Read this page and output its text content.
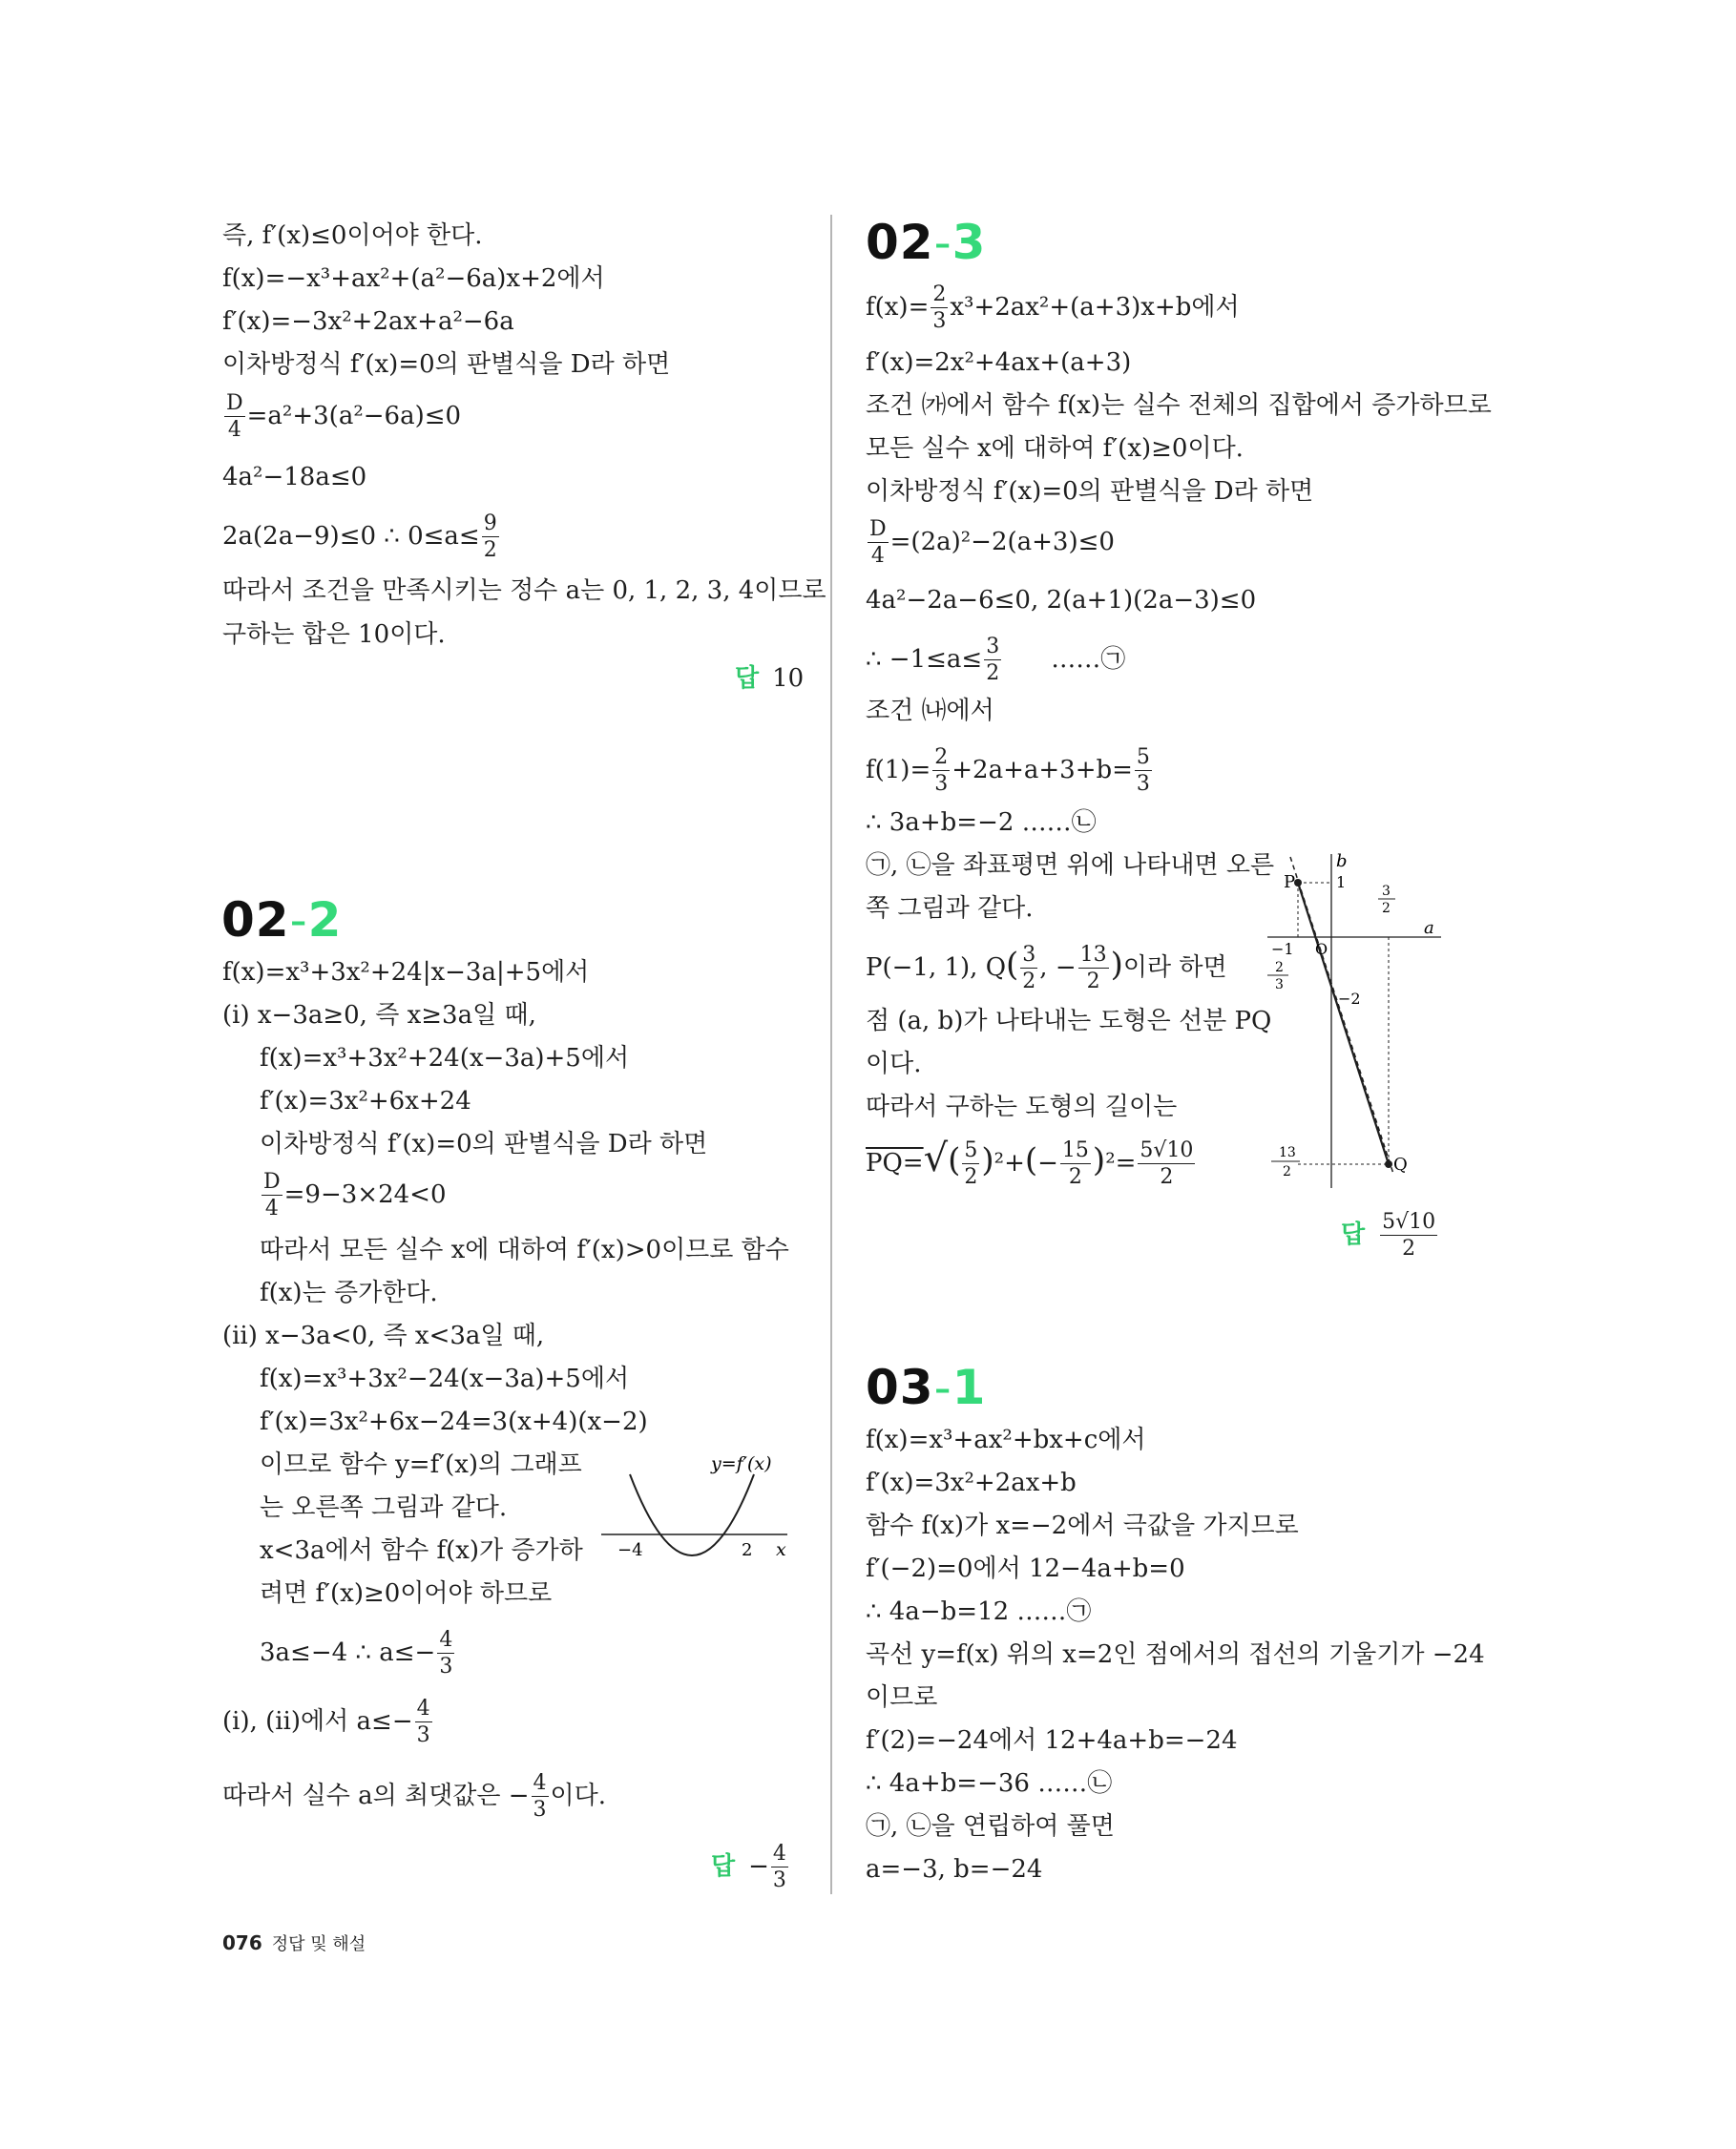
즉, f′(x)≤0이어야 한다.
f(x)=−x³+ax²+(a²−6a)x+2에서
f′(x)=−3x²+2ax+a²−6a
이차방정식 f′(x)=0의 판별식을 D라 하면
$\frac{D}{4} =a^2+3(a^2-6a)\le 0$
4a²−18a≤0
2a(2a−9)≤0 ∴ $0\le a\le \frac{9}{2}$
따라서 조건을 만족시키는 정수 a는 0, 1, 2, 3, 4이므로
구하는 합은 10이다.
답 10
02-2
f(x)=x³+3x²+24|x−3a|+5에서
(ⅰ) x−3a≥0, 즉 x≥3a일 때,
f(x)=x³+3x²+24(x−3a)+5에서
f′(x)=3x²+6x+24
이차방정식 f′(x)=0의 판별식을 D라 하면
$\frac{D}{4} =9-3\times 24<0$
따라서 모든 실수 x에 대하여 f′(x)>0이므로 함수
f(x)는 증가한다.
(ⅱ) x−3a<0, 즉 x<3a일 때,
f(x)=x³+3x²−24(x−3a)+5에서
f′(x)=3x²+6x−24=3(x+4)(x−2)
이므로 함수 y=f′(x)의 그래프
는 오른쪽 그림과 같다.
x<3a에서 함수 f(x)가 증가하
려면 f′(x)≥0이어야 하므로
3a≤−4 ∴ $a\le- \frac{4}{3}$
(ⅰ), (ⅱ)에서 $a\le- \frac{4}{3}$
따라서 실수 a의 최댓값은 − $\frac{4}{3}$ 이다.
답 − $\frac{4}{3}$
y=f′(x)
−4	2 x
02-3
$f(x)= \frac{2}{3} x^3+2ax^2+(a+3)x+b$에서
f′(x)=2x²+4ax+(a+3)
조건 ㈎에서 함수 f(x)는 실수 전체의 집합에서 증가하므로
모든 실수 x에 대하여 f′(x)≥0이다.
이차방정식 f′(x)=0의 판별식을 D라 하면
$\frac{D}{4} =(2a)^2-2(a+3)\le 0$
4a²−2a−6≤0, 2(a+1)(2a−3)≤0
∴ $-1\le a\le \frac{3}{2}$ ……㉠
조건 ㈏에서
$f(1)= \frac{2}{3} +2a+a+3+b= \frac{5}{3}$
∴ 3a+b=−2 ……㉡
㉠, ㉡을 좌표평면 위에 나타내면 오른
쪽 그림과 같다.
P(−1, 1), $Q( \frac{3}{2}$ , − $\frac{13}{2}$ )이라 하면
점 (a, b)가 나타내는 도형은 선분 PQ
이다.
따라서 구하는 도형의 길이는
$PQ=√( \frac{5}{2} )^2+(- \frac{15}{2} )^2= \frac{5√10}{2}$
답 $\frac{5√10}{2}$
P
Q
b
a
1
−1 O
−2
3
2
2
3
13
2
03-1
f(x)=x³+ax²+bx+c에서
f′(x)=3x²+2ax+b
함수 f(x)가 x=−2에서 극값을 가지므로
f′(−2)=0에서 12−4a+b=0
∴ 4a−b=12 ……㉠
곡선 y=f(x) 위의 x=2인 점에서의 접선의 기울기가 −24
이므로
f′(2)=−24에서 12+4a+b=−24
∴ 4a+b=−36 ……㉡
㉠, ㉡을 연립하여 풀면
a=−3, b=−24
076 정답 및 해설
